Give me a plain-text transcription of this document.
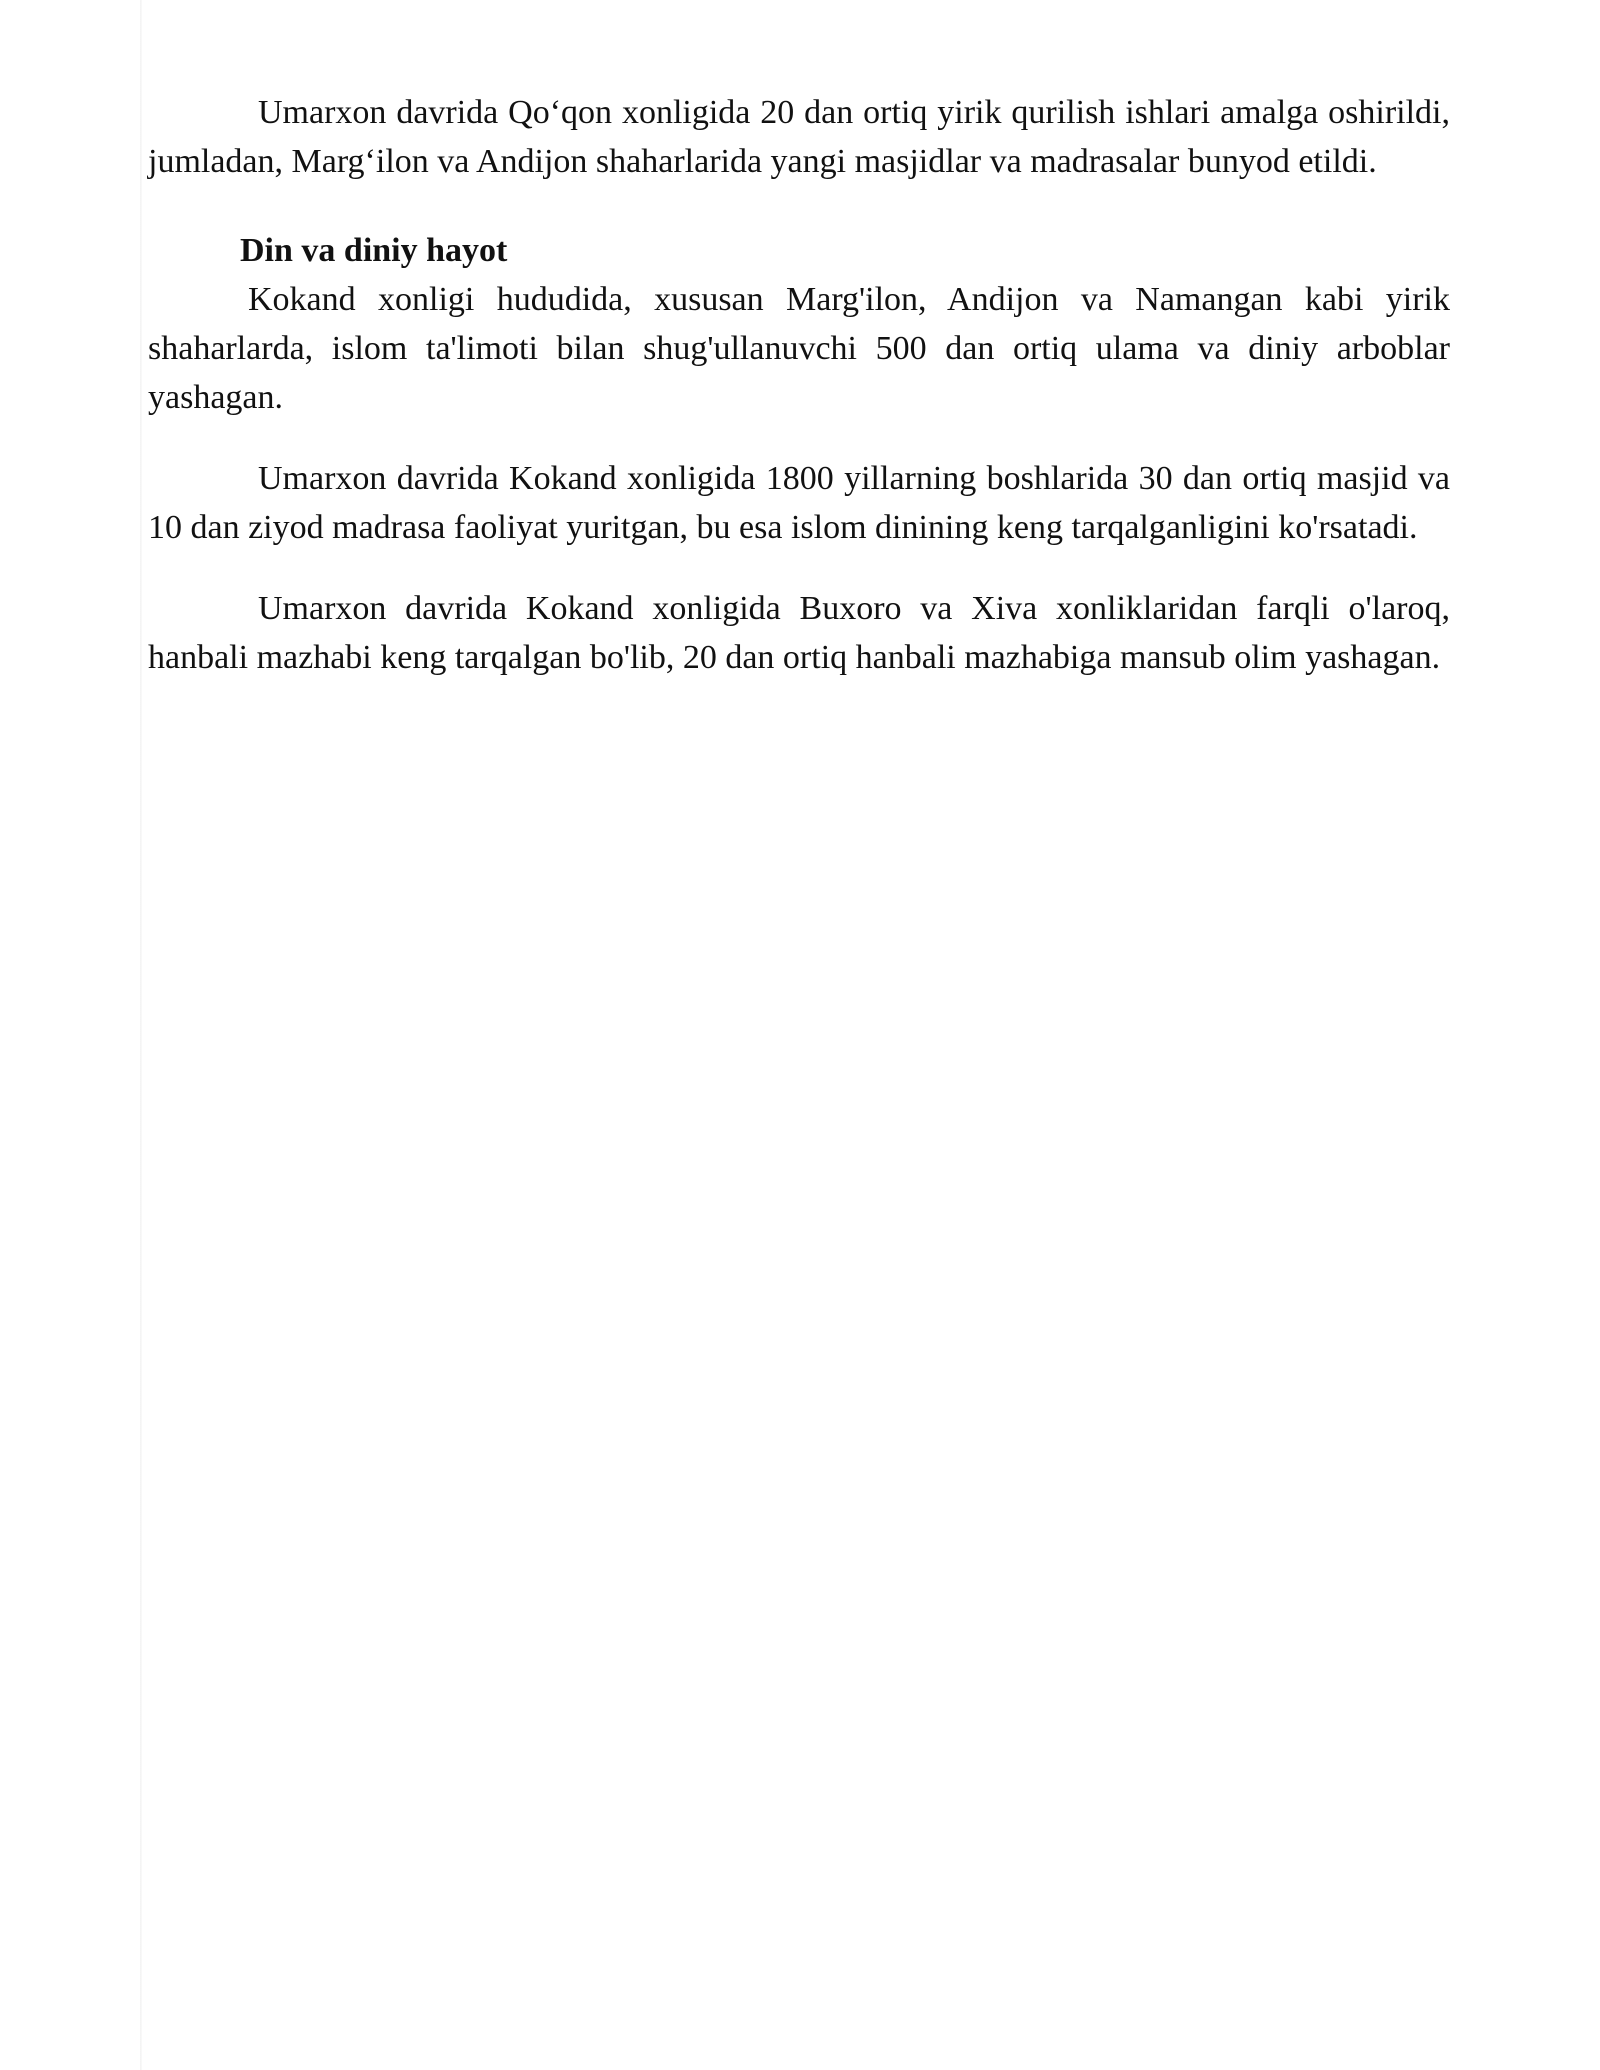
Umarxon davrida Qo‘qon xonligida 20 dan ortiq yirik qurilish ishlari amalga oshirildi, jumladan, Marg‘ilon va Andijon shaharlarida yangi masjidlar va madrasalar bunyod etildi.

Din va diniy hayot

Kokand xonligi hududida, xususan Marg'ilon, Andijon va Namangan kabi yirik shaharlarda, islom ta'limoti bilan shug'ullanuvchi 500 dan ortiq ulama va diniy arboblar yashagan.

Umarxon davrida Kokand xonligida 1800 yillarning boshlarida 30 dan ortiq masjid va 10 dan ziyod madrasa faoliyat yuritgan, bu esa islom dinining keng tarqalganligini ko'rsatadi.

Umarxon davrida Kokand xonligida Buxoro va Xiva xonliklaridan farqli o'laroq, hanbali mazhabi keng tarqalgan bo'lib, 20 dan ortiq hanbali mazhabiga mansub olim yashagan.
